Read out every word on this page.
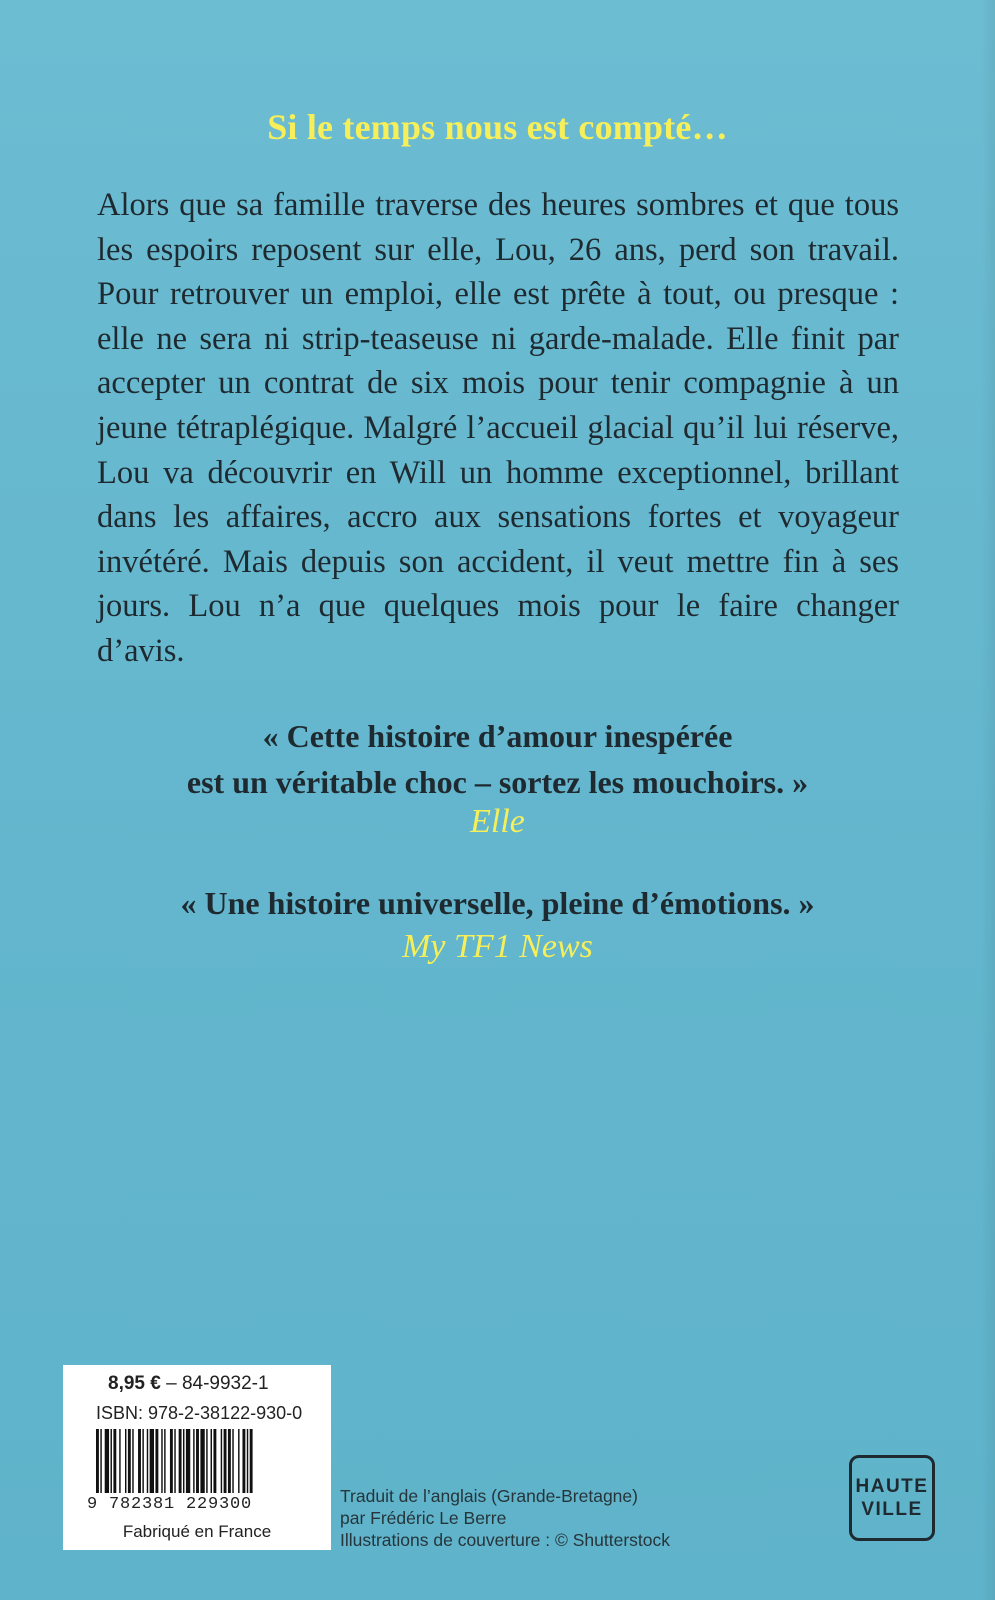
Si le temps nous est compté…

Alors que sa famille traverse des heures sombres et que tous les espoirs reposent sur elle, Lou, 26 ans, perd son travail. Pour retrouver un emploi, elle est prête à tout, ou presque : elle ne sera ni strip-teaseuse ni garde-malade. Elle finit par accepter un contrat de six mois pour tenir compagnie à un jeune tétraplégique. Malgré l’accueil glacial qu’il lui réserve, Lou va découvrir en Will un homme exceptionnel, brillant dans les affaires, accro aux sensations fortes et voyageur invétéré. Mais depuis son accident, il veut mettre fin à ses jours. Lou n’a que quelques mois pour le faire changer d’avis.

« Cette histoire d’amour inespérée
est un véritable choc – sortez les mouchoirs. »
Elle
« Une histoire universelle, pleine d’émotions. »
My TF1 News
8,95 € – 84-9932-1
ISBN: 978-2-38122-930-0
9 782381 229300
Fabriqué en France
Traduit de l’anglais (Grande-Bretagne)
par Frédéric Le Berre
Illustrations de couverture : © Shutterstock
HAUTE
VILLE
